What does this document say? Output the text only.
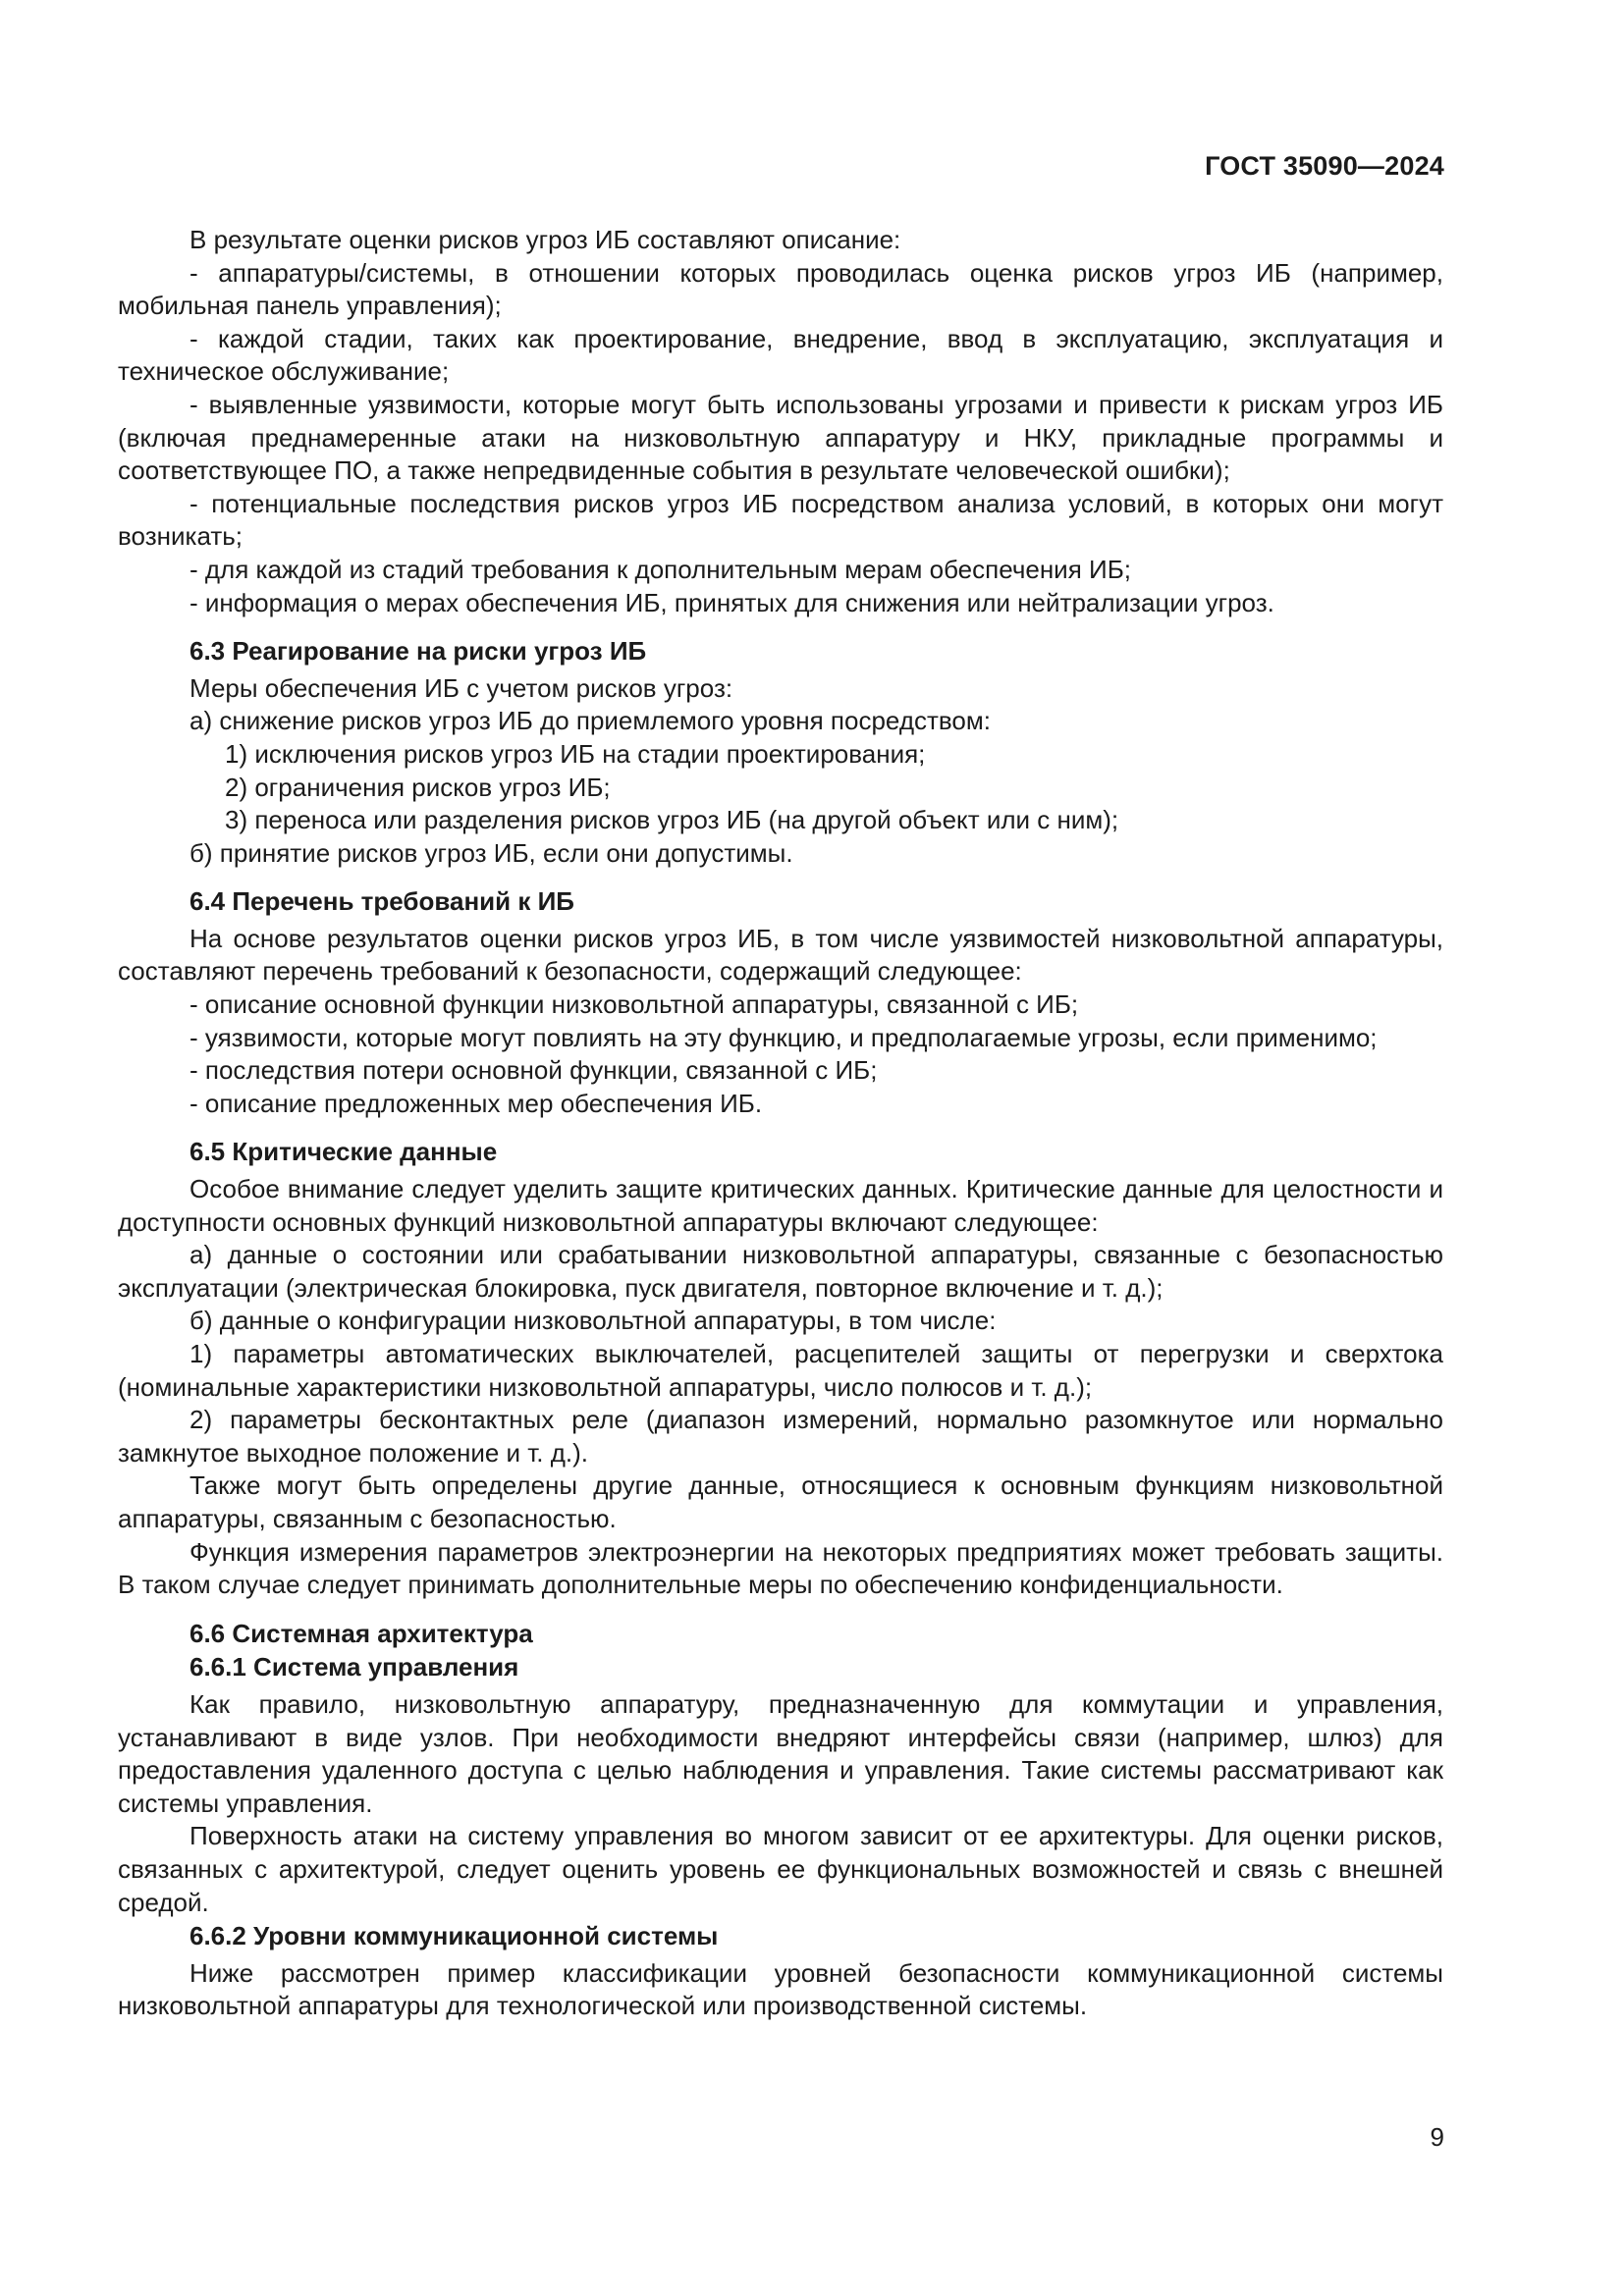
ГОСТ 35090—2024

В результате оценки рисков угроз ИБ составляют описание:

- аппаратуры/системы, в отношении которых проводилась оценка рисков угроз ИБ (например, мобильная панель управления);

- каждой стадии, таких как проектирование, внедрение, ввод в эксплуатацию, эксплуатация и техническое обслуживание;

- выявленные уязвимости, которые могут быть использованы угрозами и привести к рискам угроз ИБ (включая преднамеренные атаки на низковольтную аппаратуру и НКУ, прикладные программы и соответствующее ПО, а также непредвиденные события в результате человеческой ошибки);

- потенциальные последствия рисков угроз ИБ посредством анализа условий, в которых они могут возникать;

- для каждой из стадий требования к дополнительным мерам обеспечения ИБ;

- информация о мерах обеспечения ИБ, принятых для снижения или нейтрализации угроз.

6.3 Реагирование на риски угроз ИБ

Меры обеспечения ИБ с учетом рисков угроз:

а) снижение рисков угроз ИБ до приемлемого уровня посредством:

1) исключения рисков угроз ИБ на стадии проектирования;

2) ограничения рисков угроз ИБ;

3) переноса или разделения рисков угроз ИБ (на другой объект или с ним);

б) принятие рисков угроз ИБ, если они допустимы.

6.4 Перечень требований к ИБ

На основе результатов оценки рисков угроз ИБ, в том числе уязвимостей низковольтной аппаратуры, составляют перечень требований к безопасности, содержащий следующее:

- описание основной функции низковольтной аппаратуры, связанной с ИБ;

- уязвимости, которые могут повлиять на эту функцию, и предполагаемые угрозы, если применимо;

- последствия потери основной функции, связанной с ИБ;

- описание предложенных мер обеспечения ИБ.

6.5 Критические данные

Особое внимание следует уделить защите критических данных. Критические данные для целостности и доступности основных функций низковольтной аппаратуры включают следующее:

а) данные о состоянии или срабатывании низковольтной аппаратуры, связанные с безопасностью эксплуатации (электрическая блокировка, пуск двигателя, повторное включение и т. д.);

б) данные о конфигурации низковольтной аппаратуры, в том числе:

1) параметры автоматических выключателей, расцепителей защиты от перегрузки и сверхтока (номинальные характеристики низковольтной аппаратуры, число полюсов и т. д.);

2) параметры бесконтактных реле (диапазон измерений, нормально разомкнутое или нормально замкнутое выходное положение и т. д.).

Также могут быть определены другие данные, относящиеся к основным функциям низковольтной аппаратуры, связанным с безопасностью.

Функция измерения параметров электроэнергии на некоторых предприятиях может требовать защиты. В таком случае следует принимать дополнительные меры по обеспечению конфиденциальности.

6.6 Системная архитектура

6.6.1 Система управления

Как правило, низковольтную аппаратуру, предназначенную для коммутации и управления, устанавливают в виде узлов. При необходимости внедряют интерфейсы связи (например, шлюз) для предоставления удаленного доступа с целью наблюдения и управления. Такие системы рассматривают как системы управления.

Поверхность атаки на систему управления во многом зависит от ее архитектуры. Для оценки рисков, связанных с архитектурой, следует оценить уровень ее функциональных возможностей и связь с внешней средой.

6.6.2 Уровни коммуникационной системы

Ниже рассмотрен пример классификации уровней безопасности коммуникационной системы низковольтной аппаратуры для технологической или производственной системы.

9
